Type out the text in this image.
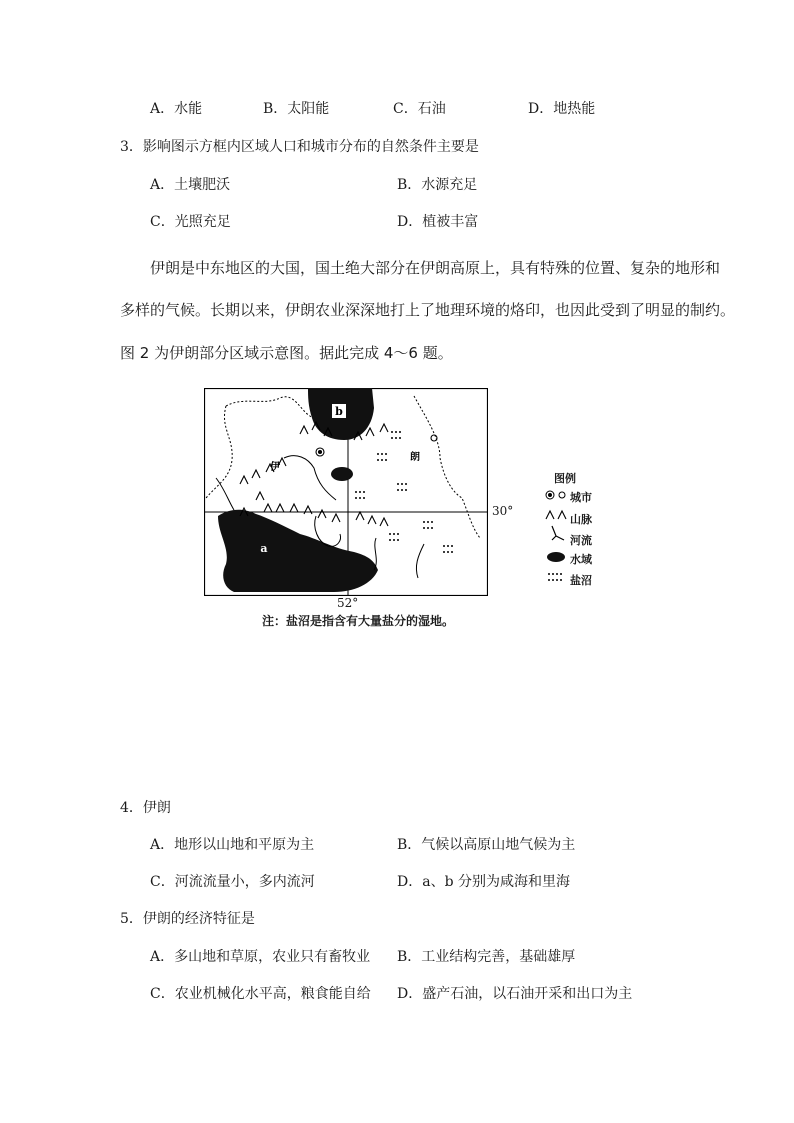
A．水能	B．太阳能	C．石油	D．地热能
3．影响图示方框内区域人口和城市分布的自然条件主要是
A．土壤肥沃	B．水源充足
C．光照充足	D．植被丰富
伊朗是中东地区的大国，国土绝大部分在伊朗高原上，具有特殊的位置、复杂的地形和
多样的气候。长期以来，伊朗农业深深地打上了地理环境的烙印，也因此受到了明显的制约。
图 2 为伊朗部分区域示意图。据此完成 4～6 题。
b
a
伊
朗
30°
52°
注：盐沼是指含有大量盐分的湿地。
图例
城市
山脉
河流
水域
盐沼
4．伊朗
A．地形以山地和平原为主	B．气候以高原山地气候为主
C．河流流量小，多内流河	D．a、b 分别为咸海和里海
5．伊朗的经济特征是
A．多山地和草原，农业只有畜牧业 B．工业结构完善，基础雄厚
C．农业机械化水平高，粮食能自给 D．盛产石油，以石油开采和出口为主
